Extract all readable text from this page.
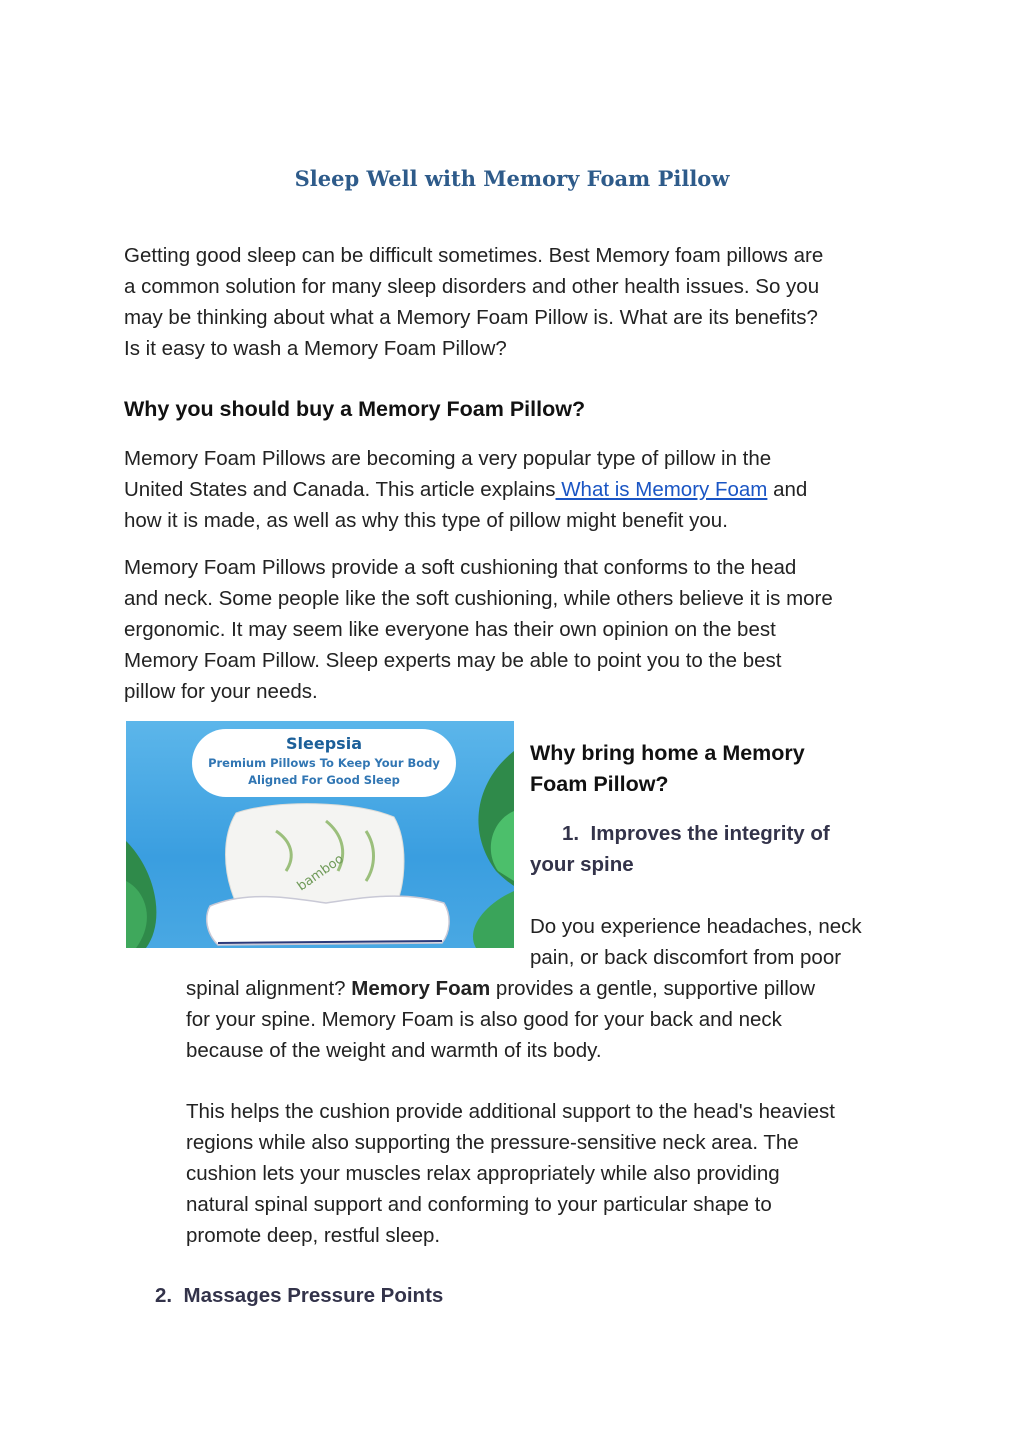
Sleep Well with Memory Foam Pillow
Getting good sleep can be difficult sometimes. Best Memory foam pillows are
a common solution for many sleep disorders and other health issues. So you
may be thinking about what a Memory Foam Pillow is. What are its benefits?
Is it easy to wash a Memory Foam Pillow?
Why you should buy a Memory Foam Pillow?
Memory Foam Pillows are becoming a very popular type of pillow in the
United States and Canada. This article explains What is Memory Foam and
how it is made, as well as why this type of pillow might benefit you.
Memory Foam Pillows provide a soft cushioning that conforms to the head
and neck. Some people like the soft cushioning, while others believe it is more
ergonomic. It may seem like everyone has their own opinion on the best
Memory Foam Pillow. Sleep experts may be able to point you to the best
pillow for your needs.
bamboo
Sleepsia
Premium Pillows To Keep Your Body
Aligned For Good Sleep
Why bring home a Memory
Foam Pillow?
1. Improves the integrity of
your spine
Do you experience headaches, neck
pain, or back discomfort from poor
spinal alignment? Memory Foam provides a gentle, supportive pillow
for your spine. Memory Foam is also good for your back and neck
because of the weight and warmth of its body.
This helps the cushion provide additional support to the head's heaviest
regions while also supporting the pressure-sensitive neck area. The
cushion lets your muscles relax appropriately while also providing
natural spinal support and conforming to your particular shape to
promote deep, restful sleep.
2. Massages Pressure Points
